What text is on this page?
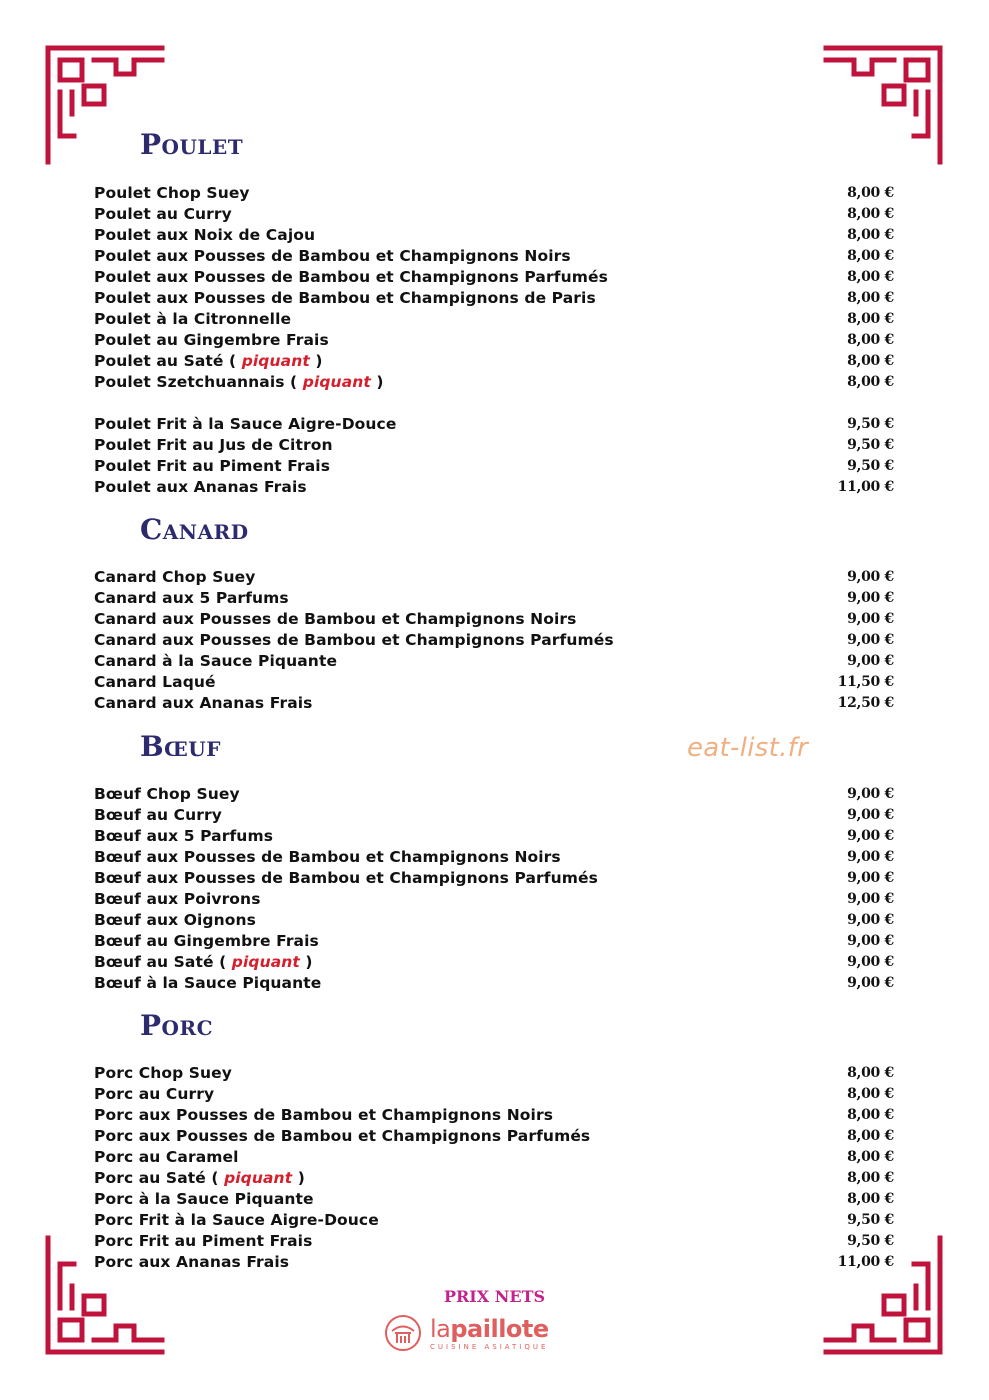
Poulet
Poulet Chop Suey	8,00 €
Poulet au Curry	8,00 €
Poulet aux Noix de Cajou	8,00 €
Poulet aux Pousses de Bambou et Champignons Noirs	8,00 €
Poulet aux Pousses de Bambou et Champignons Parfumés	8,00 €
Poulet aux Pousses de Bambou et Champignons de Paris	8,00 €
Poulet à la Citronnelle	8,00 €
Poulet au Gingembre Frais	8,00 €
Poulet au Saté ( piquant )	8,00 €
Poulet Szetchuannais ( piquant )	8,00 €
Poulet Frit à la Sauce Aigre-Douce	9,50 €
Poulet Frit au Jus de Citron	9,50 €
Poulet Frit au Piment Frais	9,50 €
Poulet aux Ananas Frais	11,00 €
Canard
Canard Chop Suey	9,00 €
Canard aux 5 Parfums	9,00 €
Canard aux Pousses de Bambou et Champignons Noirs	9,00 €
Canard aux Pousses de Bambou et Champignons Parfumés	9,00 €
Canard à la Sauce Piquante	9,00 €
Canard Laqué	11,50 €
Canard aux Ananas Frais	12,50 €
Bœuf	eat-list.fr
Bœuf Chop Suey	9,00 €
Bœuf au Curry	9,00 €
Bœuf aux 5 Parfums	9,00 €
Bœuf aux Pousses de Bambou et Champignons Noirs	9,00 €
Bœuf aux Pousses de Bambou et Champignons Parfumés	9,00 €
Bœuf aux Poivrons	9,00 €
Bœuf aux Oignons	9,00 €
Bœuf au Gingembre Frais	9,00 €
Bœuf au Saté ( piquant )	9,00 €
Bœuf à la Sauce Piquante	9,00 €
Porc
Porc Chop Suey	8,00 €
Porc au Curry	8,00 €
Porc aux Pousses de Bambou et Champignons Noirs	8,00 €
Porc aux Pousses de Bambou et Champignons Parfumés	8,00 €
Porc au Caramel	8,00 €
Porc au Saté ( piquant )	8,00 €
Porc à la Sauce Piquante	8,00 €
Porc Frit à la Sauce Aigre-Douce	9,50 €
Porc Frit au Piment Frais	9,50 €
Porc aux Ananas Frais	11,00 €
PRIX NETS
lapaillote
CUISINE ASIATIQUE
